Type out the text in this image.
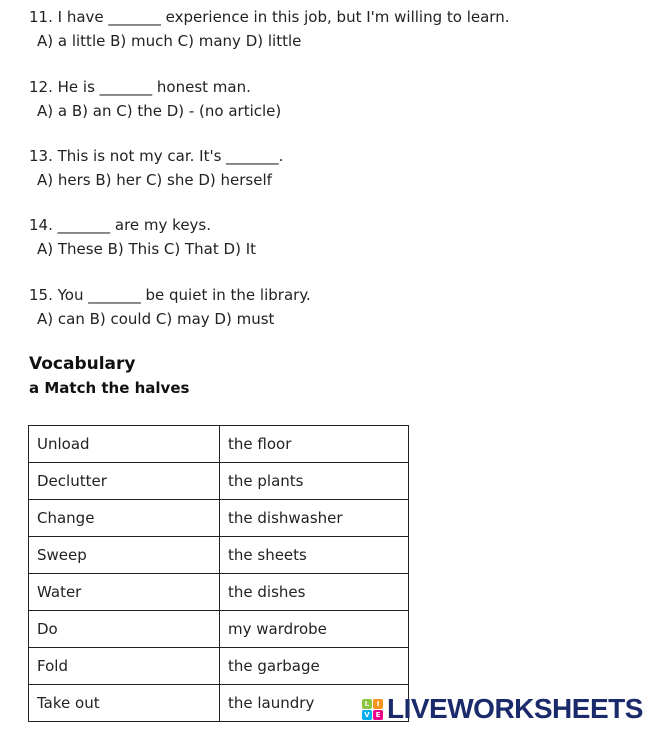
11. I have _______ experience in this job, but I'm willing to learn.
A) a little B) much C) many D) little
12. He is _______ honest man.
A) a B) an C) the D) - (no article)
13. This is not my car. It's _______.
A) hers B) her C) she D) herself
14. _______ are my keys.
A) These B) This C) That D) It
15. You _______ be quiet in the library.
A) can B) could C) may D) must
Vocabulary
a Match the halves
Unload	the floor
Declutter	the plants
Change	the dishwasher
Sweep	the sheets
Water	the dishes
Do	my wardrobe
Fold	the garbage
Take out	the laundry	L	I
V E LIVEWORKSHEETS
